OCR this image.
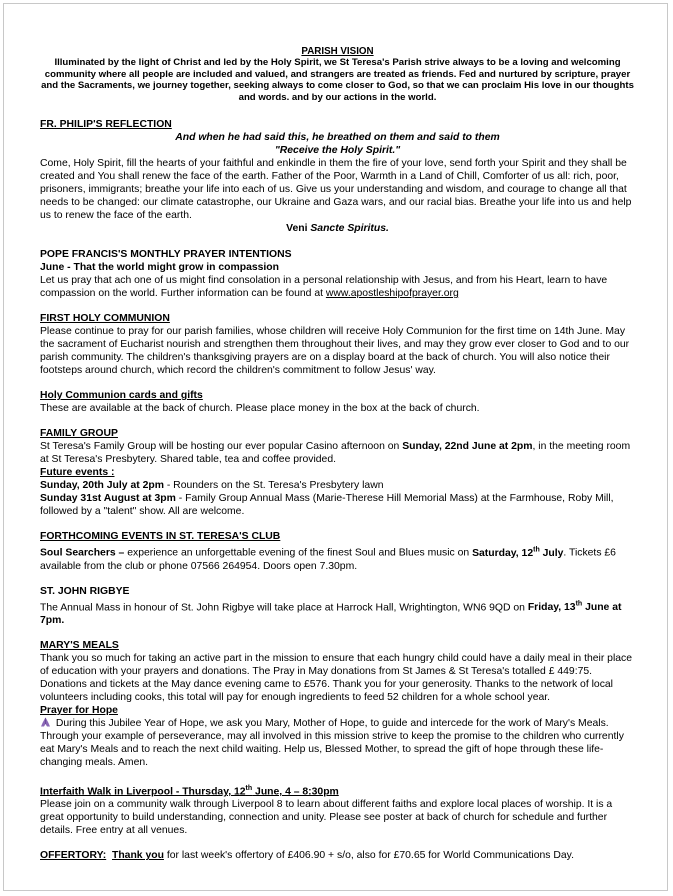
PARISH VISION

Illuminated by the light of Christ and led by the Holy Spirit, we St Teresa's Parish strive always to be a loving and welcoming community where all people are included and valued, and strangers are treated as friends. Fed and nurtured by scripture, prayer and the Sacraments, we journey together, seeking always to come closer to God, so that we can proclaim His love in our thoughts and words. and by our actions in the world.

FR. PHILIP'S REFLECTION
And when he had said this, he breathed on them and said to them
"Receive the Holy Spirit."

Come, Holy Spirit, fill the hearts of your faithful and enkindle in them the fire of your love, send forth your Spirit and they shall be created and You shall renew the face of the earth. Father of the Poor, Warmth in a Land of Chill, Comforter of us all: rich, poor, prisoners, immigrants; breathe your life into each of us. Give us your understanding and wisdom, and courage to change all that needs to be changed: our climate catastrophe, our Ukraine and Gaza wars, and our racial bias. Breathe your life into us and help us to renew the face of the earth.

Veni Sancte Spiritus.
POPE FRANCIS'S MONTHLY PRAYER INTENTIONS
June - That the world might grow in compassion

Let us pray that ach one of us might find consolation in a personal relationship with Jesus, and from his Heart, learn to have compassion on the world. Further information can be found at www.apostleshipofprayer.org

FIRST HOLY COMMUNION

Please continue to pray for our parish families, whose children will receive Holy Communion for the first time on 14th June. May the sacrament of Eucharist nourish and strengthen them throughout their lives, and may they grow ever closer to God and to our parish community. The children's thanksgiving prayers are on a display board at the back of church. You will also notice their footsteps around church, which record the children's commitment to follow Jesus' way.

Holy Communion cards and gifts

These are available at the back of church. Please place money in the box at the back of church.

FAMILY GROUP

St Teresa's Family Group will be hosting our ever popular Casino afternoon on Sunday, 22nd June at 2pm, in the meeting room at St Teresa's Presbytery. Shared table, tea and coffee provided.

Future events :

Sunday, 20th July at 2pm - Rounders on the St. Teresa's Presbytery lawn

Sunday 31st August at 3pm - Family Group Annual Mass (Marie-Therese Hill Memorial Mass) at the Farmhouse, Roby Mill, followed by a "talent" show. All are welcome.

FORTHCOMING EVENTS IN ST. TERESA'S CLUB

Soul Searchers – experience an unforgettable evening of the finest Soul and Blues music on Saturday, 12th July. Tickets £6 available from the club or phone 07566 264954. Doors open 7.30pm.

ST. JOHN RIGBYE

The Annual Mass in honour of St. John Rigbye will take place at Harrock Hall, Wrightington, WN6 9QD on Friday, 13th June at 7pm.

MARY'S MEALS

Thank you so much for taking an active part in the mission to ensure that each hungry child could have a daily meal in their place of education with your prayers and donations. The Pray in May donations from St James & St Teresa's totalled £ 449:75. Donations and tickets at the May dance evening came to £576. Thank you for your generosity. Thanks to the network of local volunteers including cooks, this total will pay for enough ingredients to feed 52 children for a whole school year.

Prayer for Hope

During this Jubilee Year of Hope, we ask you Mary, Mother of Hope, to guide and intercede for the work of Mary's Meals. Through your example of perseverance, may all involved in this mission strive to keep the promise to the children who currently eat Mary's Meals and to reach the next child waiting. Help us, Blessed Mother, to spread the gift of hope through these life-changing meals. Amen.

Interfaith Walk in Liverpool - Thursday, 12th June, 4 – 8:30pm

Please join on a community walk through Liverpool 8 to learn about different faiths and explore local places of worship. It is a great opportunity to build understanding, connection and unity. Please see poster at back of church for schedule and further details. Free entry at all venues.

OFFERTORY: Thank you for last week's offertory of £406.90 + s/o, also for £70.65 for World Communications Day.
